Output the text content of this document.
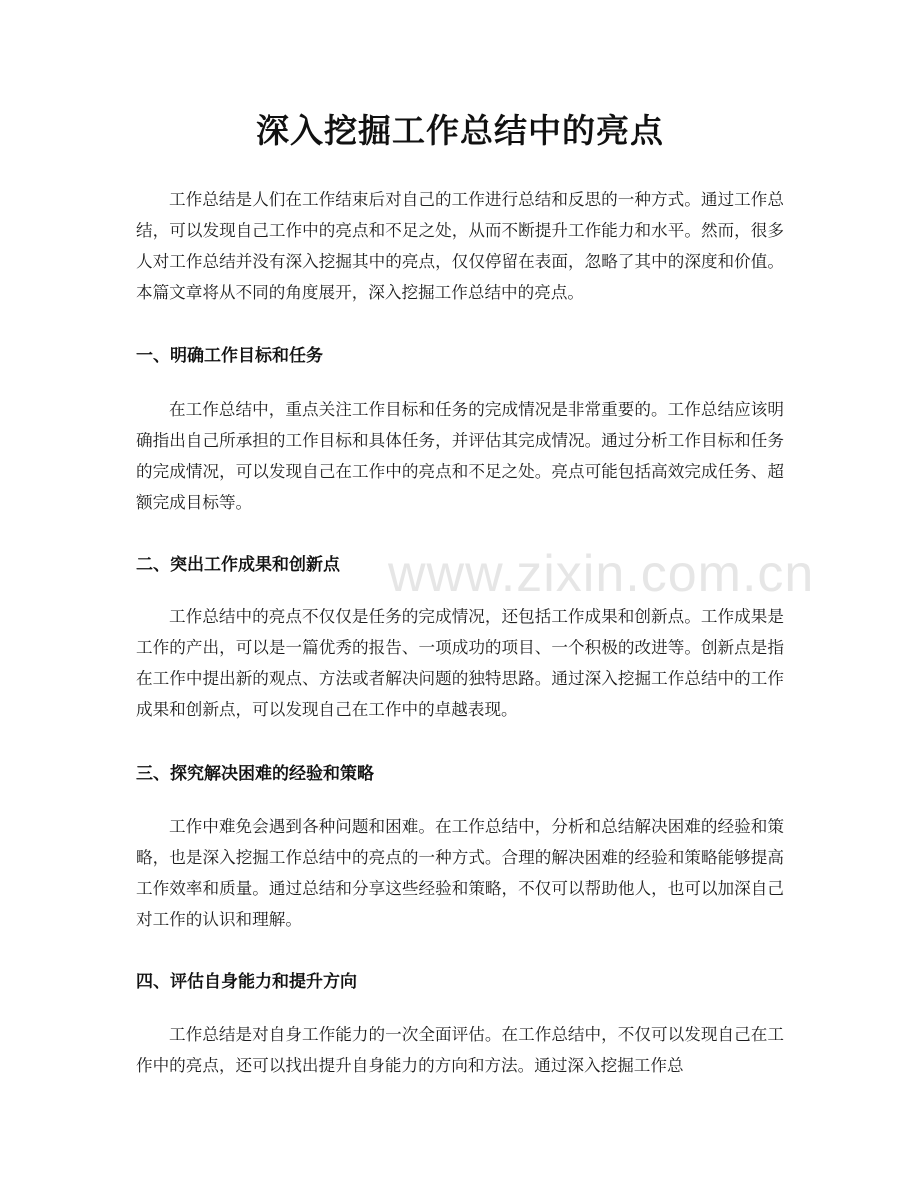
www.zixin.com.cn
深入挖掘工作总结中的亮点

工作总结是人们在工作结束后对自己的工作进行总结和反思的一种方式。通过工作总结，可以发现自己工作中的亮点和不足之处，从而不断提升工作能力和水平。然而，很多人对工作总结并没有深入挖掘其中的亮点，仅仅停留在表面，忽略了其中的深度和价值。本篇文章将从不同的角度展开，深入挖掘工作总结中的亮点。

一、明确工作目标和任务

在工作总结中，重点关注工作目标和任务的完成情况是非常重要的。工作总结应该明确指出自己所承担的工作目标和具体任务，并评估其完成情况。通过分析工作目标和任务的完成情况，可以发现自己在工作中的亮点和不足之处。亮点可能包括高效完成任务、超额完成目标等。

二、突出工作成果和创新点

工作总结中的亮点不仅仅是任务的完成情况，还包括工作成果和创新点。工作成果是工作的产出，可以是一篇优秀的报告、一项成功的项目、一个积极的改进等。创新点是指在工作中提出新的观点、方法或者解决问题的独特思路。通过深入挖掘工作总结中的工作成果和创新点，可以发现自己在工作中的卓越表现。

三、探究解决困难的经验和策略

工作中难免会遇到各种问题和困难。在工作总结中，分析和总结解决困难的经验和策略，也是深入挖掘工作总结中的亮点的一种方式。合理的解决困难的经验和策略能够提高工作效率和质量。通过总结和分享这些经验和策略，不仅可以帮助他人，也可以加深自己对工作的认识和理解。

四、评估自身能力和提升方向

工作总结是对自身工作能力的一次全面评估。在工作总结中，不仅可以发现自己在工作中的亮点，还可以找出提升自身能力的方向和方法。通过深入挖掘工作总
